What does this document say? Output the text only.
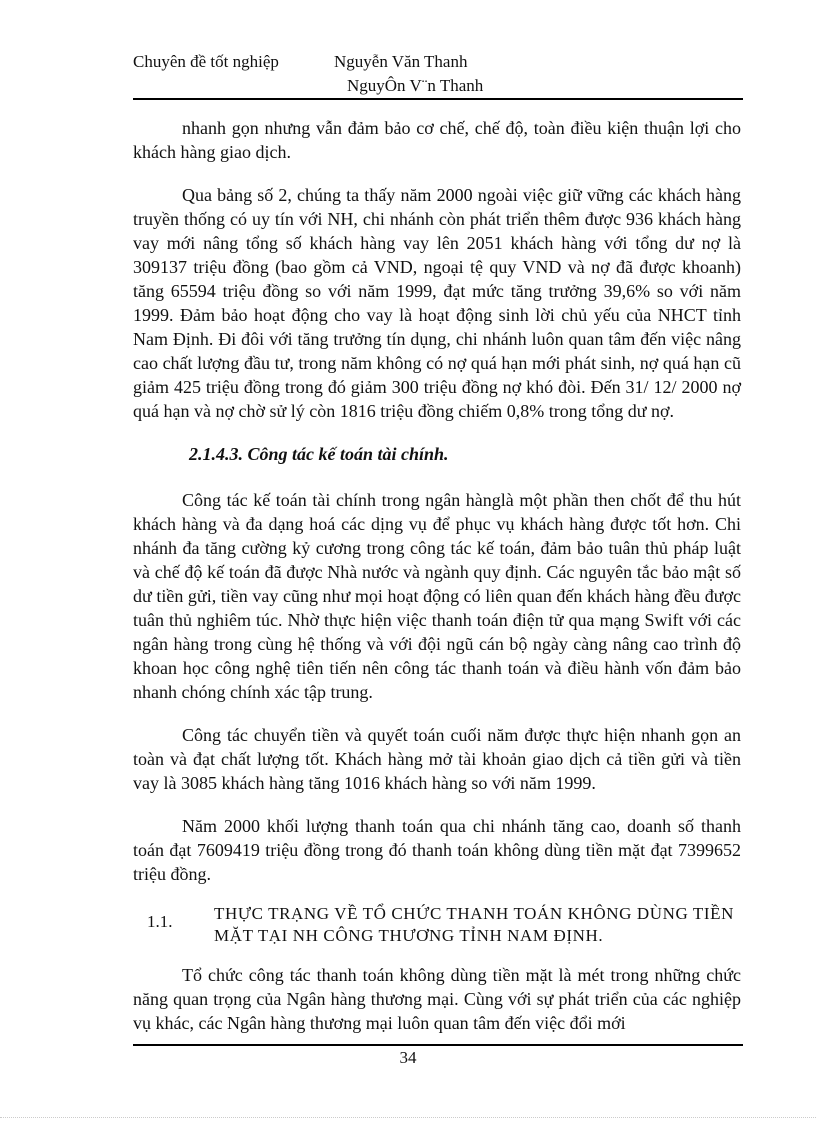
Chuyên đề tốt nghiệp	Nguyễn Văn Thanh
NguyÔn V¨n Thanh

nhanh gọn nhưng vẫn đảm bảo cơ chế, chế độ, toàn điều kiện thuận lợi cho khách hàng giao dịch.

Qua bảng số 2, chúng ta thấy năm 2000 ngoài việc giữ vững các khách hàng truyền thống có uy tín với NH, chi nhánh còn phát triển thêm được 936 khách hàng vay mới nâng tổng số khách hàng vay lên 2051 khách hàng với tổng dư nợ là 309137 triệu đồng (bao gồm cả VND, ngoại tệ quy VND và nợ đã được khoanh) tăng 65594 triệu đồng so với năm 1999, đạt mức tăng trưởng 39,6% so với năm 1999. Đảm bảo hoạt động cho vay là hoạt động sinh lời chủ yếu của NHCT tỉnh Nam Định. Đi đôi với tăng trưởng tín dụng, chi nhánh luôn quan tâm đến việc nâng cao chất lượng đầu tư, trong năm không có nợ quá hạn mới phát sinh, nợ quá hạn cũ giảm 425 triệu đồng trong đó giảm 300 triệu đồng nợ khó đòi. Đến 31/ 12/ 2000 nợ quá hạn và nợ chờ sử lý còn 1816 triệu đồng chiếm 0,8% trong tổng dư nợ.

2.1.4.3. Công tác kế toán tài chính.

Công tác kế toán tài chính trong ngân hànglà một phần then chốt để thu hút khách hàng và đa dạng hoá các dịng vụ để phục vụ khách hàng được tốt hơn. Chi nhánh đa tăng cường kỷ cương trong công tác kế toán, đảm bảo tuân thủ pháp luật và chế độ kế toán đã được Nhà nước và ngành quy định. Các nguyên tắc bảo mật số dư tiền gửi, tiền vay cũng như mọi hoạt động có liên quan đến khách hàng đều được tuân thủ nghiêm túc. Nhờ thực hiện việc thanh toán điện tử qua mạng Swift với các ngân hàng trong cùng hệ thống và với đội ngũ cán bộ ngày càng nâng cao trình độ khoan học công nghệ tiên tiến nên công tác thanh toán và điều hành vốn đảm bảo nhanh chóng chính xác tập trung.

Công tác chuyển tiền và quyết toán cuối năm được thực hiện nhanh gọn an toàn và đạt chất lượng tốt. Khách hàng mở tài khoản giao dịch cả tiền gửi và tiền vay là 3085 khách hàng tăng 1016 khách hàng so với năm 1999.

Năm 2000 khối lượng thanh toán qua chi nhánh tăng cao, doanh số thanh toán đạt 7609419 triệu đồng trong đó thanh toán không dùng tiền mặt đạt 7399652 triệu đồng.

1.1. THỰC TRẠNG VỀ TỔ CHỨC THANH TOÁN KHÔNG DÙNG TIỀN MẶT TẠI NH CÔNG THƯƠNG TỈNH NAM ĐỊNH.

Tổ chức công tác thanh toán không dùng tiền mặt là mét trong những chức năng quan trọng của Ngân hàng thương mại. Cùng với sự phát triển của các nghiệp vụ khác, các Ngân hàng thương mại luôn quan tâm đến việc đổi mới

34
